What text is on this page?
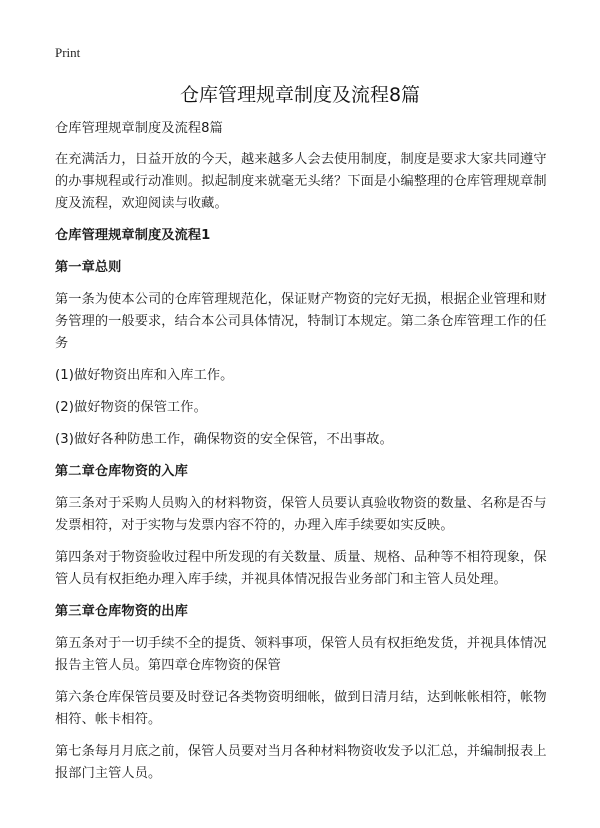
Print
仓库管理规章制度及流程8篇

仓库管理规章制度及流程8篇

在充满活力，日益开放的今天，越来越多人会去使用制度，制度是要求大家共同遵守的办事规程或行动准则。拟起制度来就毫无头绪？下面是小编整理的仓库管理规章制度及流程，欢迎阅读与收藏。

仓库管理规章制度及流程1

第一章总则

第一条为使本公司的仓库管理规范化，保证财产物资的完好无损，根据企业管理和财务管理的一般要求，结合本公司具体情况，特制订本规定。第二条仓库管理工作的任务

(1)做好物资出库和入库工作。

(2)做好物资的保管工作。

(3)做好各种防患工作，确保物资的安全保管，不出事故。

第二章仓库物资的入库

第三条对于采购人员购入的材料物资，保管人员要认真验收物资的数量、名称是否与发票相符，对于实物与发票内容不符的，办理入库手续要如实反映。

第四条对于物资验收过程中所发现的有关数量、质量、规格、品种等不相符现象，保管人员有权拒绝办理入库手续，并视具体情况报告业务部门和主管人员处理。

第三章仓库物资的出库

第五条对于一切手续不全的提货、领料事项，保管人员有权拒绝发货，并视具体情况报告主管人员。第四章仓库物资的保管

第六条仓库保管员要及时登记各类物资明细帐，做到日清月结，达到帐帐相符，帐物相符、帐卡相符。

第七条每月月底之前，保管人员要对当月各种材料物资收发予以汇总，并编制报表上报部门主管人员。
